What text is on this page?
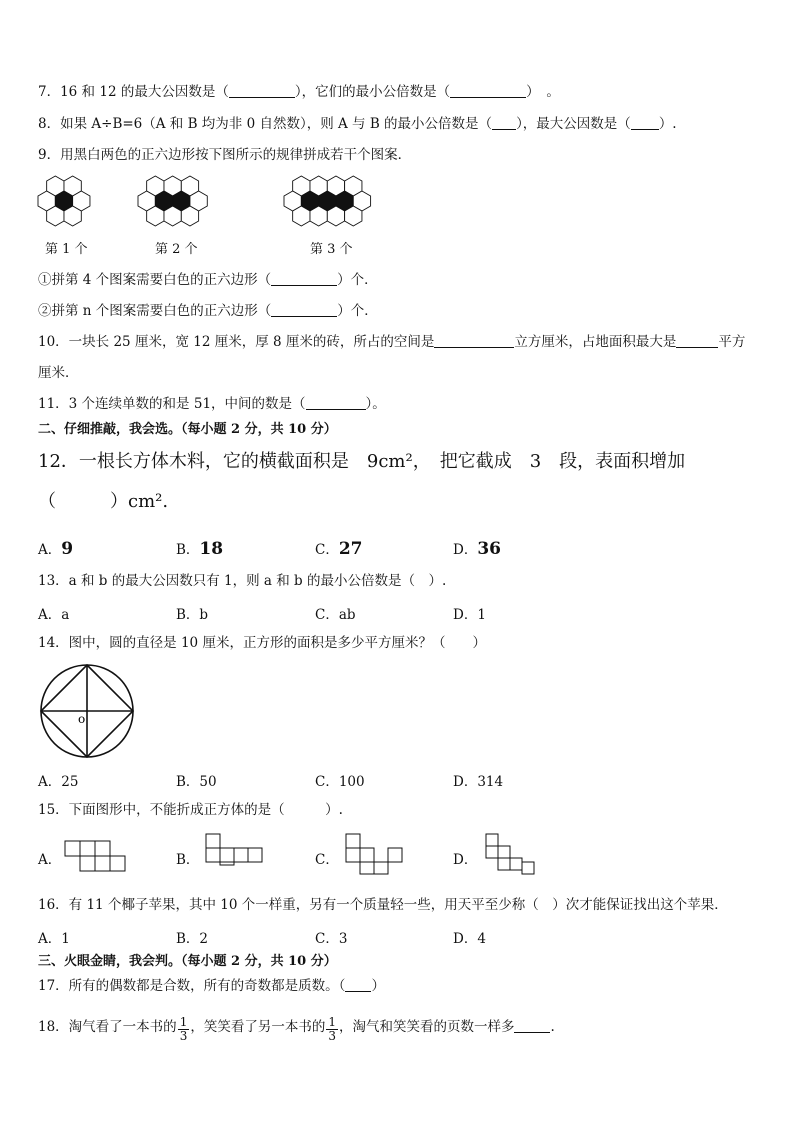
7．16 和 12 的最大公因数是（	），它们的最小公倍数是（	）　。
8．如果 A÷B=6（A 和 B 均为非 0 自然数），则 A 与 B 的最小公倍数是（ ），最大公因数是（ ）.
9．用黑白两色的正六边形按下图所示的规律拼成若干个图案．
第 1 个	第 2 个	第 3 个
①拼第 4 个图案需要白色的正六边形（	）个．
②拼第 n 个图案需要白色的正六边形（	）个．
10．一块长 25 厘米，宽 12 厘米，厚 8 厘米的砖，所占的空间是	立方厘米，占地面积最大是	平方
厘米．
11．3 个连续单数的和是 51，中间的数是（	）。
二、仔细推敲，我会选。（每小题 2 分，共 10 分）
12．一根长方体木料，它的横截面积是　9cm²，　把它截成　3　段，表面积增加
（　　　）cm².
A．9	B．18	C．27	D．36
13．a 和 b 的最大公因数只有 1，则 a 和 b 的最小公倍数是（　）.
A．a	B．b	C．ab	D．1
14．图中，圆的直径是 10 厘米，正方形的面积是多少平方厘米？（　　）
o
A．25	B．50	C．100	D．314
15．下面图形中，不能折成正方体的是（　　　）.
A．	B．	C．	D．
16．有 11 个椰子苹果，其中 10 个一样重，另有一个质量轻一些，用天平至少称（　）次才能保证找出这个苹果．
A．1	B．2	C．3	D．4
三、火眼金睛，我会判。（每小题 2 分，共 10 分）
17．所有的偶数都是合数，所有的奇数都是质数。（ ）
18．淘气看了一本书的 $\frac{1}{3}$ ，笑笑看了另一本书的 $\frac{1}{3}$ ，淘气和笑笑看的页数一样多	.
